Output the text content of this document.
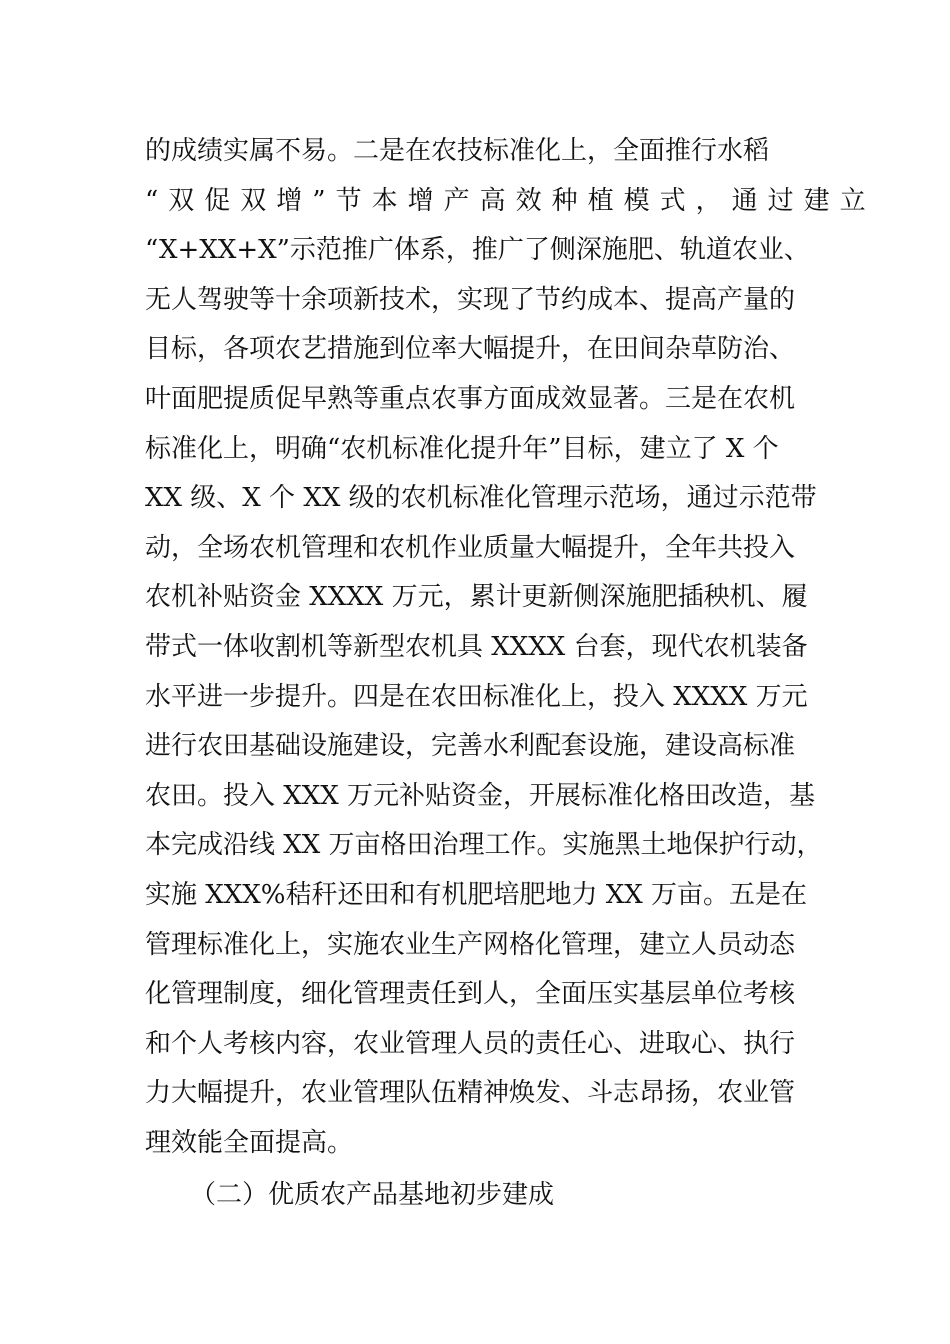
的成绩实属不易。二是在农技标准化上，全面推行水稻
“双促双增”节本增产高效种植模式，通过建立
“X+XX+X”示范推广体系，推广了侧深施肥、轨道农业、
无人驾驶等十余项新技术，实现了节约成本、提高产量的
目标，各项农艺措施到位率大幅提升，在田间杂草防治、
叶面肥提质促早熟等重点农事方面成效显著。三是在农机
标准化上，明确“农机标准化提升年”目标，建立了 X 个
XX 级、X 个 XX 级的农机标准化管理示范场，通过示范带
动，全场农机管理和农机作业质量大幅提升，全年共投入
农机补贴资金 XXXX 万元，累计更新侧深施肥插秧机、履
带式一体收割机等新型农机具 XXXX 台套，现代农机装备
水平进一步提升。四是在农田标准化上，投入 XXXX 万元
进行农田基础设施建设，完善水利配套设施，建设高标准
农田。投入 XXX 万元补贴资金，开展标准化格田改造，基
本完成沿线 XX 万亩格田治理工作。实施黑土地保护行动，
实施 XXX%秸秆还田和有机肥培肥地力 XX 万亩。五是在
管理标准化上，实施农业生产网格化管理，建立人员动态
化管理制度，细化管理责任到人，全面压实基层单位考核
和个人考核内容，农业管理人员的责任心、进取心、执行
力大幅提升，农业管理队伍精神焕发、斗志昂扬，农业管
理效能全面提高。
（二）优质农产品基地初步建成
